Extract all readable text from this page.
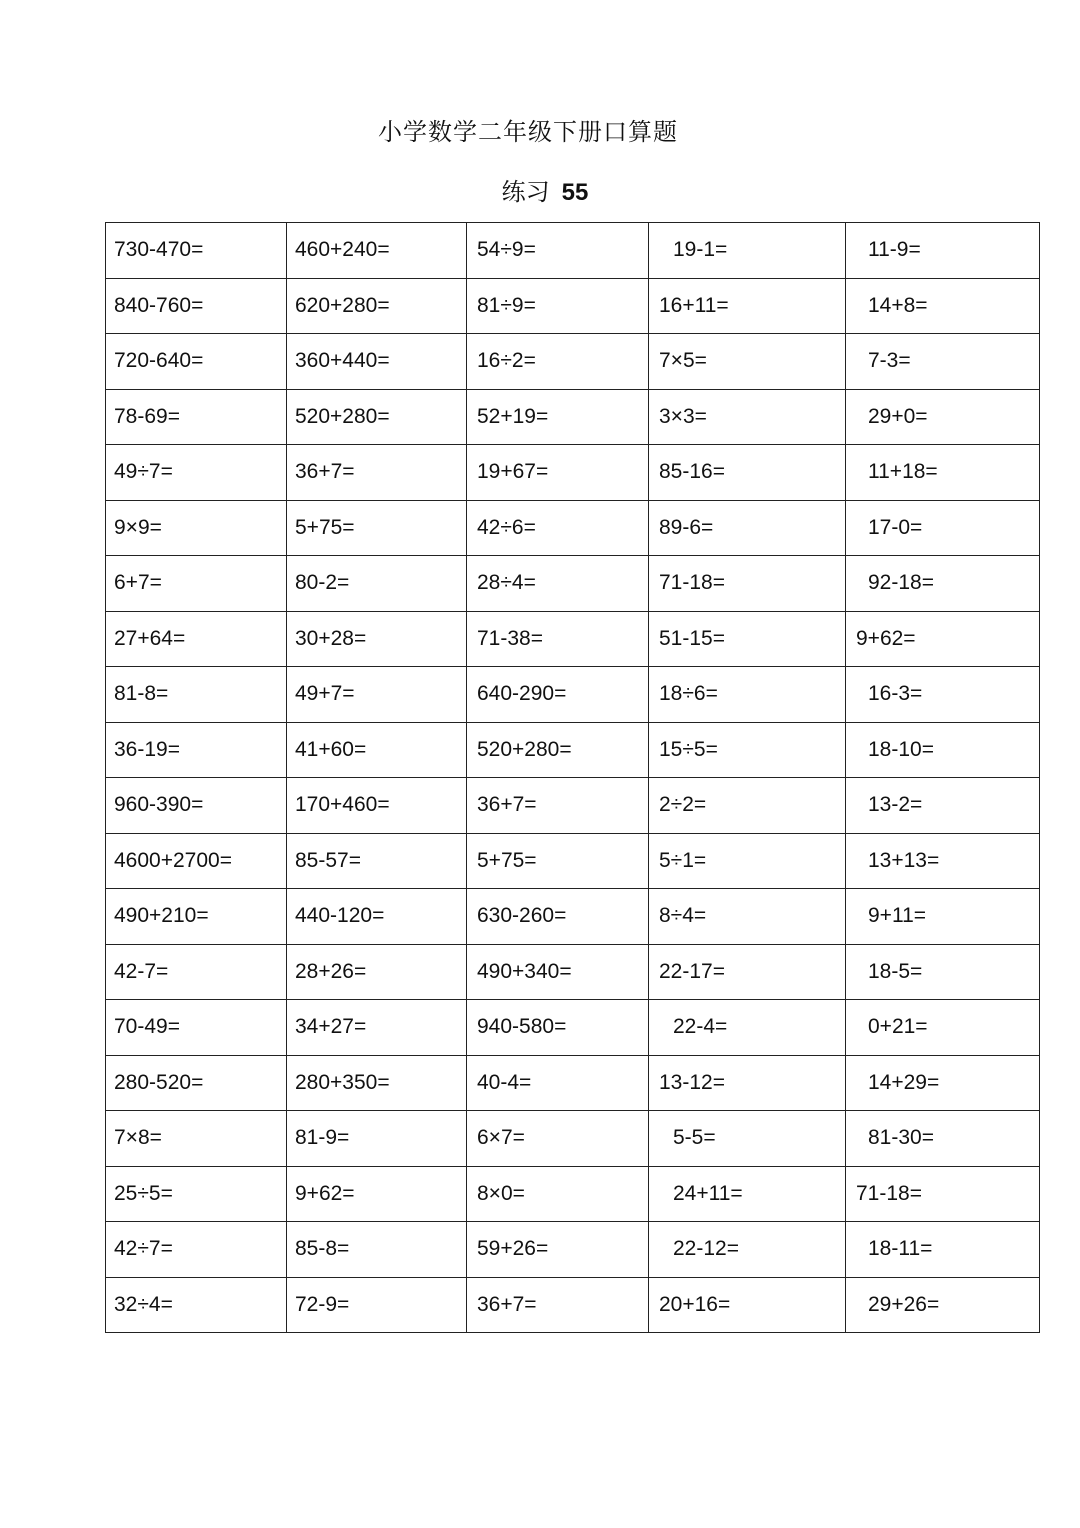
小学数学二年级下册口算题
练习 55
730-470=	460+240=	54÷9=	19-1=	11-9=
840-760=	620+280=	81÷9=	16+11=	14+8=
720-640=	360+440=	16÷2=	7×5=	7-3=
78-69=	520+280=	52+19=	3×3=	29+0=
49÷7=	36+7=	19+67=	85-16=	11+18=
9×9=	5+75=	42÷6=	89-6=	17-0=
6+7=	80-2=	28÷4=	71-18=	92-18=
27+64=	30+28=	71-38=	51-15=	9+62=
81-8=	49+7=	640-290=	18÷6=	16-3=
36-19=	41+60=	520+280=	15÷5=	18-10=
960-390=	170+460=	36+7=	2÷2=	13-2=
4600+2700=	85-57=	5+75=	5÷1=	13+13=
490+210=	440-120=	630-260=	8÷4=	9+11=
42-7=	28+26=	490+340=	22-17=	18-5=
70-49=	34+27=	940-580=	22-4=	0+21=
280-520=	280+350=	40-4=	13-12=	14+29=
7×8=	81-9=	6×7=	5-5=	81-30=
25÷5=	9+62=	8×0=	24+11=	71-18=
42÷7=	85-8=	59+26=	22-12=	18-11=
32÷4=	72-9=	36+7=	20+16=	29+26=
